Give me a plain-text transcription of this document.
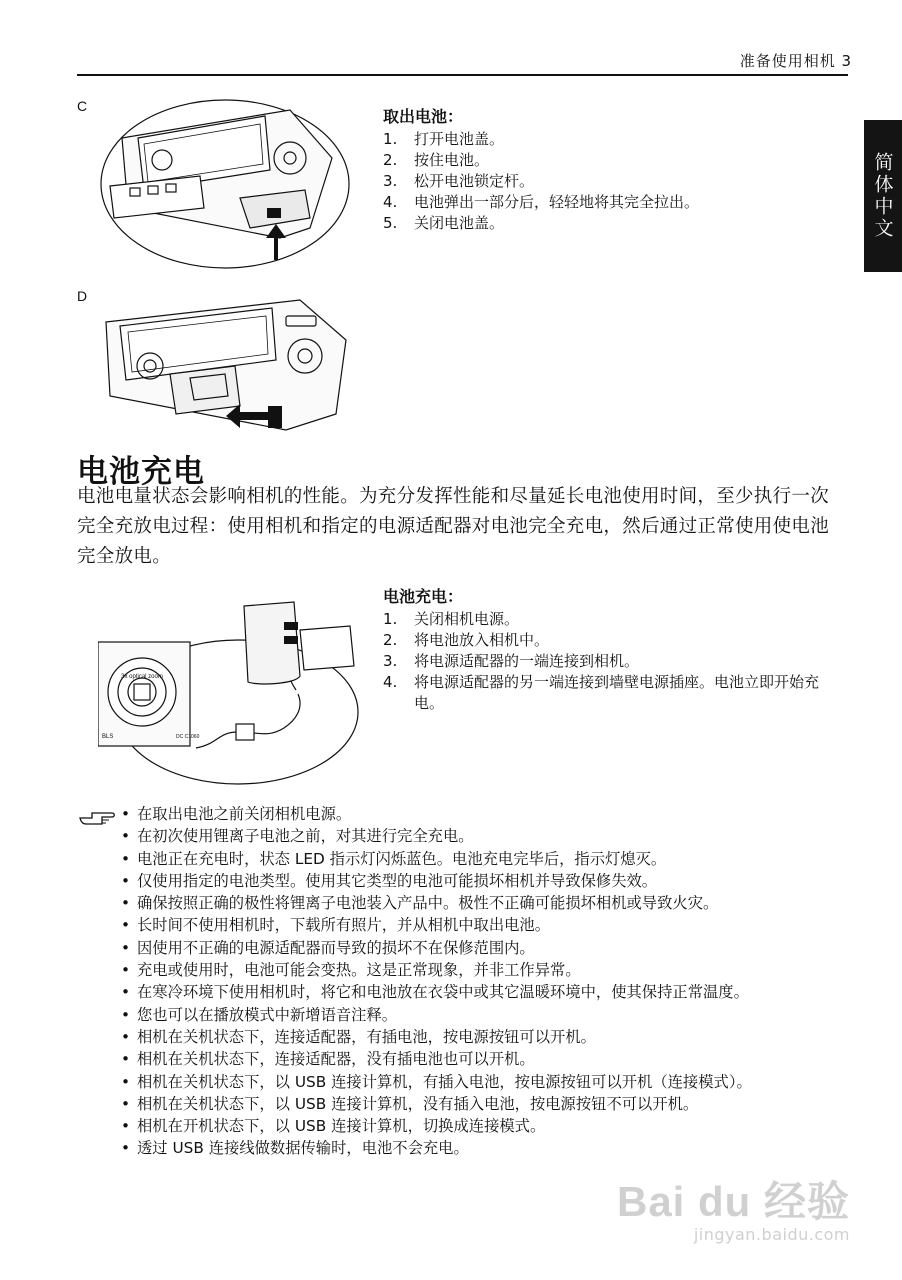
准备使用相机 3
简体中文
C
取出电池：
1.	打开电池盖。
2.	按住电池。
3.	松开电池锁定杆。
4.	电池弹出一部分后，轻轻地将其完全拉出。
5.	关闭电池盖。
D
电池充电

电池电量状态会影响相机的性能。为充分发挥性能和尽量延长电池使用时间，至少执行一次完全充放电过程：使用相机和指定的电源适配器对电池完全充电，然后通过正常使用使电池完全放电。

3x optical zoom
DC C1060
BLS
电池充电：
1.	关闭相机电源。
2.	将电池放入相机中。
3.	将电源适配器的一端连接到相机。
4.	将电源适配器的另一端连接到墙壁电源插座。电池立即开始充电。
• 在取出电池之前关闭相机电源。
• 在初次使用锂离子电池之前，对其进行完全充电。
• 电池正在充电时，状态 LED 指示灯闪烁蓝色。电池充电完毕后，指示灯熄灭。
• 仅使用指定的电池类型。使用其它类型的电池可能损坏相机并导致保修失效。
• 确保按照正确的极性将锂离子电池装入产品中。极性不正确可能损坏相机或导致火灾。
• 长时间不使用相机时，下载所有照片，并从相机中取出电池。
• 因使用不正确的电源适配器而导致的损坏不在保修范围内。
• 充电或使用时，电池可能会变热。这是正常现象，并非工作异常。
• 在寒冷环境下使用相机时，将它和电池放在衣袋中或其它温暖环境中，使其保持正常温度。
• 您也可以在播放模式中新增语音注释。
• 相机在关机状态下，连接适配器，有插电池，按电源按钮可以开机。
• 相机在关机状态下，连接适配器，没有插电池也可以开机。
• 相机在关机状态下，以 USB 连接计算机，有插入电池，按电源按钮可以开机（连接模式）。
• 相机在关机状态下，以 USB 连接计算机，没有插入电池，按电源按钮不可以开机。
• 相机在开机状态下，以 USB 连接计算机，切换成连接模式。
• 透过 USB 连接线做数据传输时，电池不会充电。
Bai du 经验
jingyan.baidu.com
